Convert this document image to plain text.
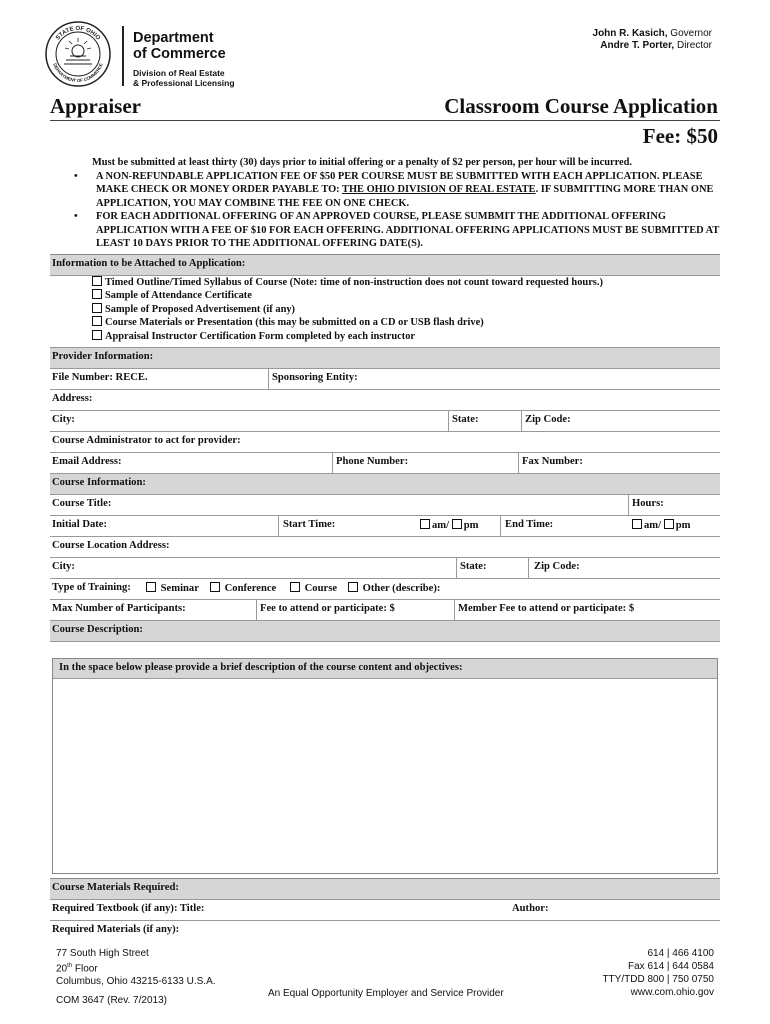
STATE OF OHIO
DEPARTMENT OF COMMERCE
Department
of Commerce
Division of Real Estate
& Professional Licensing
John R. Kasich, Governor
Andre T. Porter, Director
Appraiser	Classroom Course Application
Fee: $50
Must be submitted at least thirty (30) days prior to initial offering or a penalty of $2 per person, per hour will be incurred.
• A NON-REFUNDABLE APPLICATION FEE OF $50 PER COURSE MUST BE SUBMITTED WITH EACH APPLICATION. PLEASE MAKE CHECK OR MONEY ORDER PAYABLE TO: THE OHIO DIVISION OF REAL ESTATE. IF SUBMITTING MORE THAN ONE APPLICATION, YOU MAY COMBINE THE FEE ON ONE CHECK.
• FOR EACH ADDITIONAL OFFERING OF AN APPROVED COURSE, PLEASE SUMBMIT THE ADDITIONAL OFFERING APPLICATION WITH A FEE OF $10 FOR EACH OFFERING. ADDITIONAL OFFERING APPLICATIONS MUST BE SUBMITTED AT LEAST 10 DAYS PRIOR TO THE ADDITIONAL OFFERING DATE(S).
Information to be Attached to Application:
Timed Outline/Timed Syllabus of Course (Note: time of non-instruction does not count toward requested hours.)
Sample of Attendance Certificate
Sample of Proposed Advertisement (if any)
Course Materials or Presentation (this may be submitted on a CD or USB flash drive)
Appraisal Instructor Certification Form completed by each instructor
Provider Information:
File Number: RECE.	Sponsoring Entity:
Address:
City:	State:	Zip Code:
Course Administrator to act for provider:
Email Address:	Phone Number:	Fax Number:
Course Information:
Course Title:	Hours:
Initial Date:	Start Time:	am/ pm	End Time:	am/ pm
Course Location Address:
City:	State:	Zip Code:
Type of Training:	Seminar	Conference	Course	Other (describe):
Max Number of Participants:	Fee to attend or participate: $	Member Fee to attend or participate: $
Course Description:
In the space below please provide a brief description of the course content and objectives:
Course Materials Required:
Required Textbook (if any): Title:	Author:
Required Materials (if any):
77 South High Street
20th Floor
Columbus, Ohio 43215-6133 U.S.A.
614 | 466 4100
Fax 614 | 644 0584
TTY/TDD 800 | 750 0750
www.com.ohio.gov
An Equal Opportunity Employer and Service Provider
COM 3647 (Rev. 7/2013)
